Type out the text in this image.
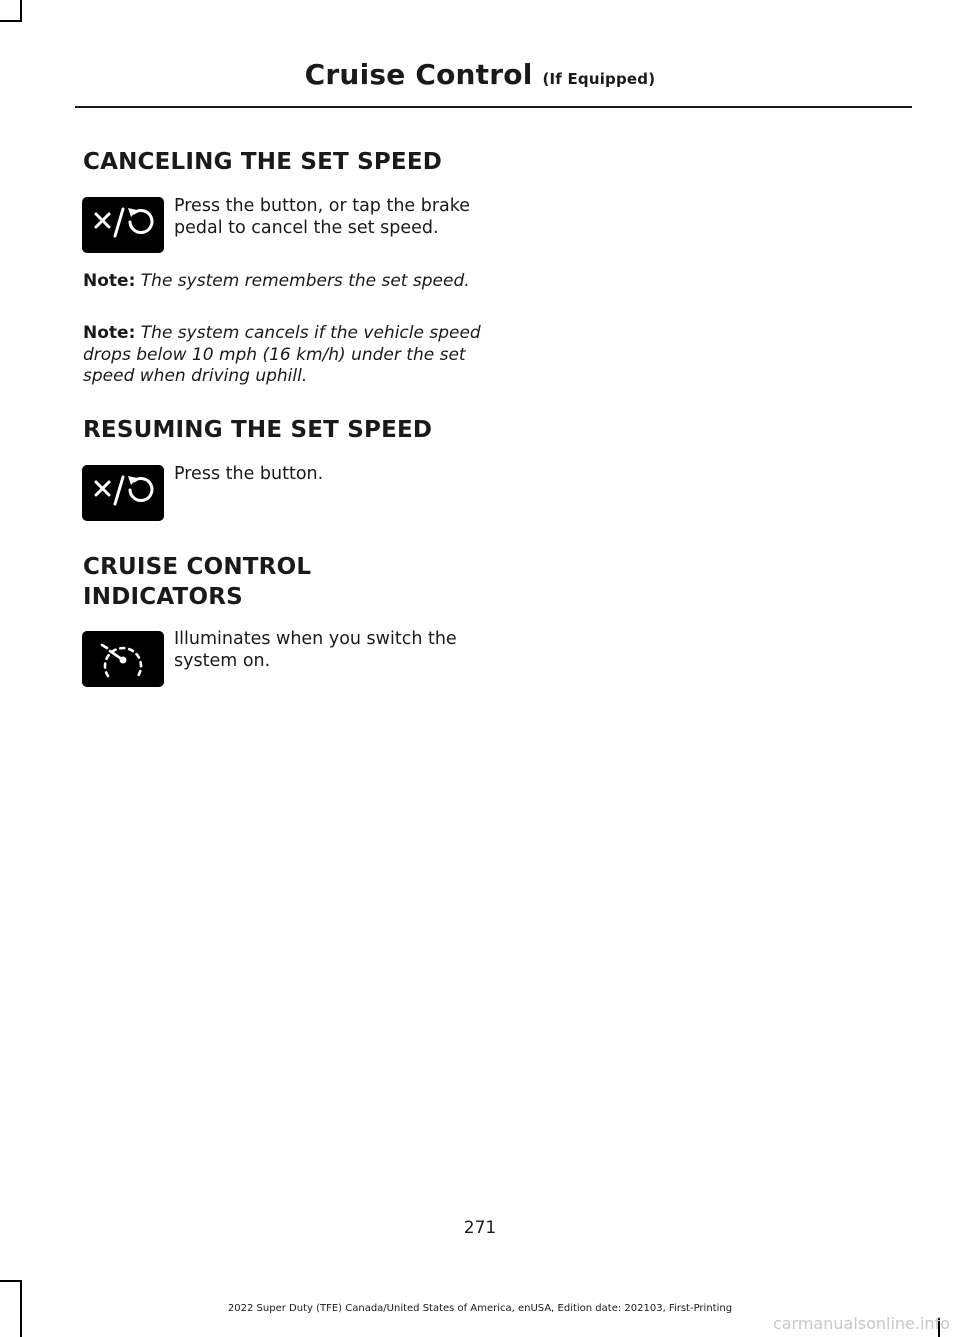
Cruise Control (If Equipped)
CANCELING THE SET SPEED
Press the button, or tap the brake pedal to cancel the set speed.
Note: The system remembers the set speed.
Note: The system cancels if the vehicle speed drops below 10 mph (16 km/h) under the set speed when driving uphill.
RESUMING THE SET SPEED
Press the button.
CRUISE CONTROL
INDICATORS
Illuminates when you switch the system on.
271
2022 Super Duty (TFE) Canada/United States of America, enUSA, Edition date: 202103, First-Printing
carmanualsonline.info
